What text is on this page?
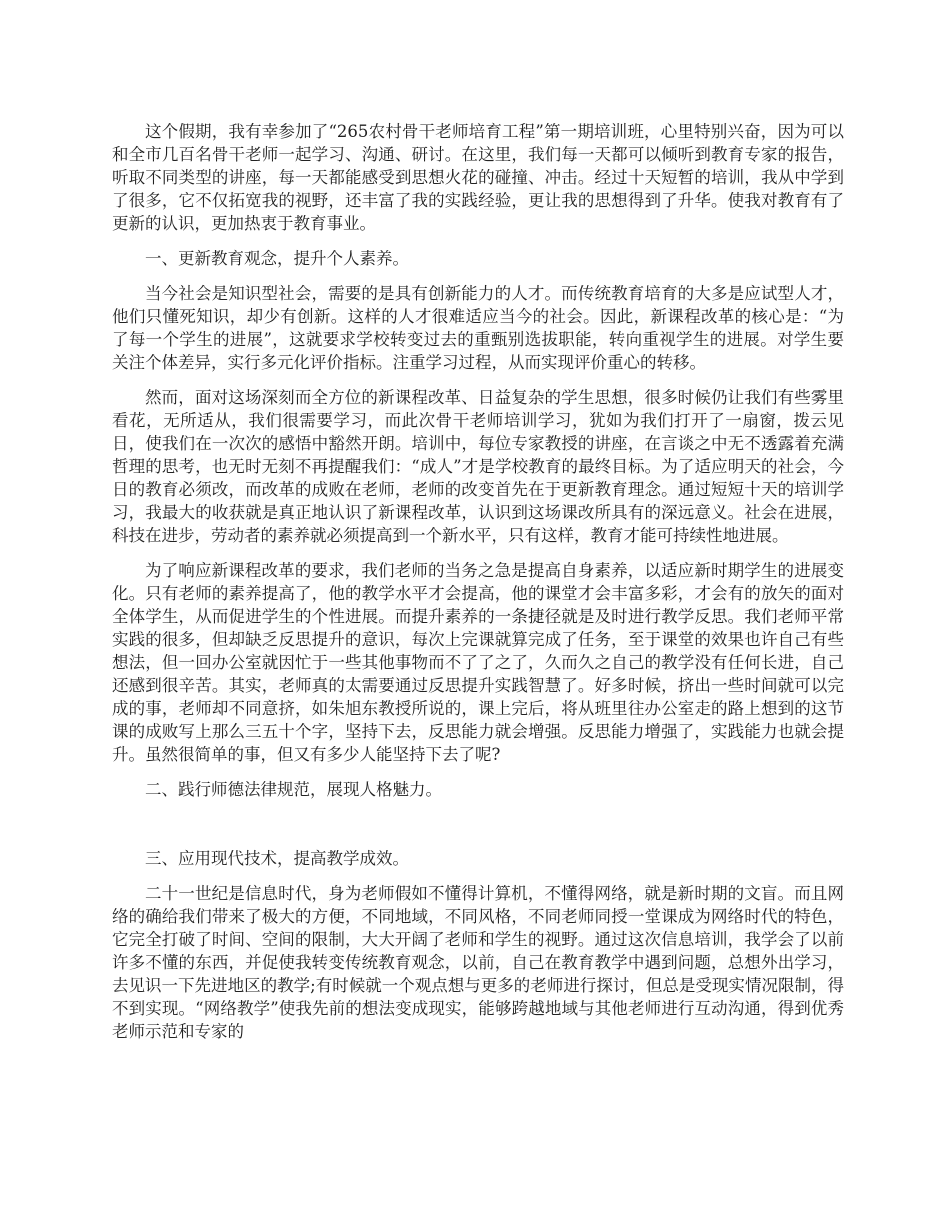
这个假期，我有幸参加了“265农村骨干老师培育工程”第一期培训班，心里特别兴奋，因为可以和全市几百名骨干老师一起学习、沟通、研讨。在这里，我们每一天都可以倾听到教育专家的报告，听取不同类型的讲座，每一天都能感受到思想火花的碰撞、冲击。经过十天短暂的培训，我从中学到了很多，它不仅拓宽我的视野，还丰富了我的实践经验，更让我的思想得到了升华。使我对教育有了更新的认识，更加热衷于教育事业。

一、更新教育观念，提升个人素养。

当今社会是知识型社会，需要的是具有创新能力的人才。而传统教育培育的大多是应试型人才，他们只懂死知识，却少有创新。这样的人才很难适应当今的社会。因此，新课程改革的核心是：“为了每一个学生的进展”，这就要求学校转变过去的重甄别选拔职能，转向重视学生的进展。对学生要关注个体差异，实行多元化评价指标。注重学习过程，从而实现评价重心的转移。

然而，面对这场深刻而全方位的新课程改革、日益复杂的学生思想，很多时候仍让我们有些雾里看花，无所适从，我们很需要学习，而此次骨干老师培训学习，犹如为我们打开了一扇窗，拨云见日，使我们在一次次的感悟中豁然开朗。培训中，每位专家教授的讲座，在言谈之中无不透露着充满哲理的思考，也无时无刻不再提醒我们：“成人”才是学校教育的最终目标。为了适应明天的社会，今日的教育必须改，而改革的成败在老师，老师的改变首先在于更新教育理念。通过短短十天的培训学习，我最大的收获就是真正地认识了新课程改革，认识到这场课改所具有的深远意义。社会在进展，科技在进步，劳动者的素养就必须提高到一个新水平，只有这样，教育才能可持续性地进展。

为了响应新课程改革的要求，我们老师的当务之急是提高自身素养，以适应新时期学生的进展变化。只有老师的素养提高了，他的教学水平才会提高，他的课堂才会丰富多彩，才会有的放矢的面对全体学生，从而促进学生的个性进展。而提升素养的一条捷径就是及时进行教学反思。我们老师平常实践的很多，但却缺乏反思提升的意识，每次上完课就算完成了任务，至于课堂的效果也许自己有些想法，但一回办公室就因忙于一些其他事物而不了了之了，久而久之自己的教学没有任何长进，自己还感到很辛苦。其实，老师真的太需要通过反思提升实践智慧了。好多时候，挤出一些时间就可以完成的事，老师却不同意挤，如朱旭东教授所说的，课上完后，将从班里往办公室走的路上想到的这节课的成败写上那么三五十个字，坚持下去，反思能力就会增强。反思能力增强了，实践能力也就会提升。虽然很简单的事，但又有多少人能坚持下去了呢?

二、践行师德法律规范，展现人格魅力。

三、应用现代技术，提高教学成效。

二十一世纪是信息时代，身为老师假如不懂得计算机，不懂得网络，就是新时期的文盲。而且网络的确给我们带来了极大的方便，不同地域，不同风格，不同老师同授一堂课成为网络时代的特色，它完全打破了时间、空间的限制，大大开阔了老师和学生的视野。通过这次信息培训，我学会了以前许多不懂的东西，并促使我转变传统教育观念，以前，自己在教育教学中遇到问题，总想外出学习，去见识一下先进地区的教学;有时候就一个观点想与更多的老师进行探讨，但总是受现实情况限制，得不到实现。“网络教学”使我先前的想法变成现实，能够跨越地域与其他老师进行互动沟通，得到优秀老师示范和专家的
